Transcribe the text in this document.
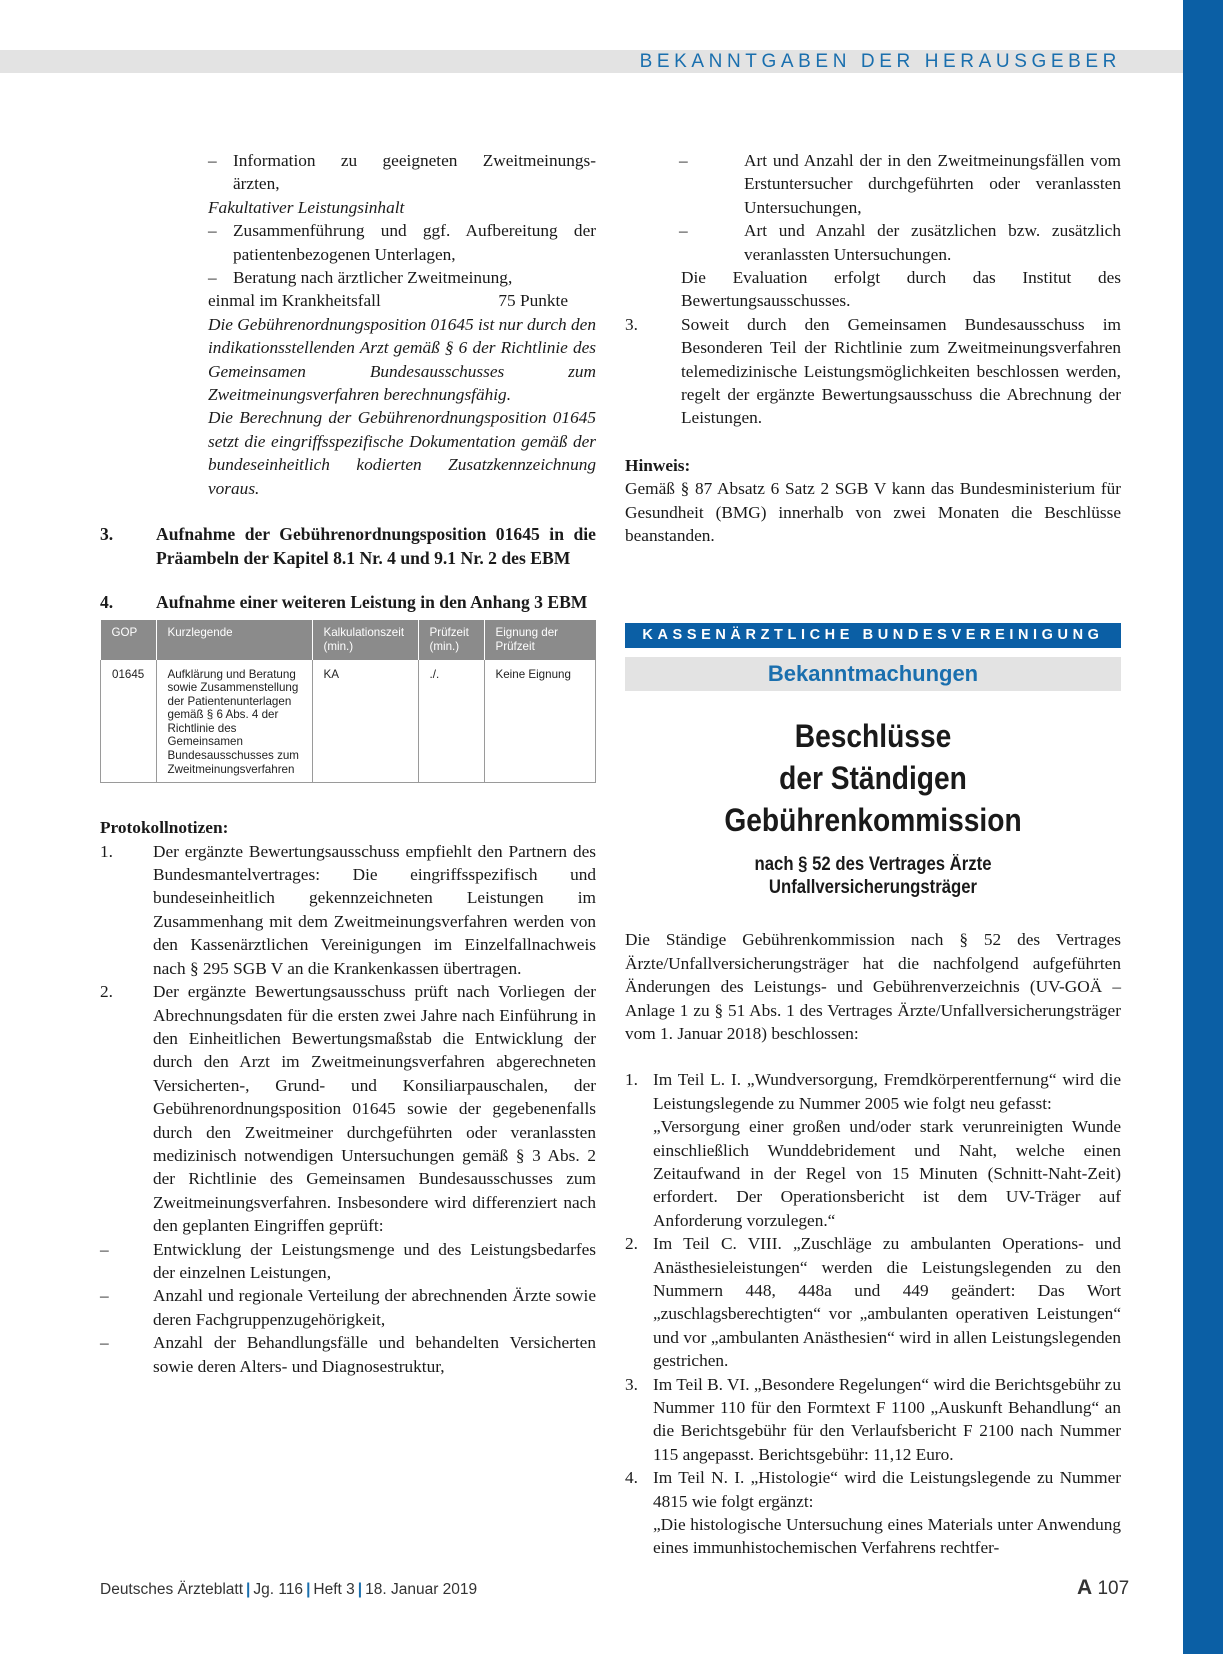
BEKANNTGABEN DER HERAUSGEBER
– Information zu geeigneten Zweitmeinungs-
ärzten,
Fakultativer Leistungsinhalt
– Zusammenführung und ggf. Aufbereitung der
patientenbezogenen Unterlagen,
– Beratung nach ärztlicher Zweitmeinung,
einmal im Krankheitsfall	75 Punkte
Die Gebührenordnungsposition 01645 ist nur durch den indikationsstellenden Arzt gemäß § 6 der Richtlinie des Gemeinsamen Bundesausschusses zum Zweitmeinungsverfahren berechnungsfähig.
Die Berechnung der Gebührenordnungsposition 01645 setzt die eingriffsspezifische Dokumentation gemäß der bundeseinheitlich kodierten Zusatzkennzeichnung voraus.
3.	Aufnahme der Gebührenordnungsposition 01645 in die Präambeln der Kapitel 8.1 Nr. 4 und 9.1 Nr. 2 des EBM
4.	Aufnahme einer weiteren Leistung in den Anhang 3 EBM
GOP	Kurzlegende	Kalkulationszeit (min.)	Prüfzeit (min.)	Eignung der Prüfzeit
01645	Aufklärung und Beratung sowie Zusammenstellung der Patientenunterlagen gemäß § 6 Abs. 4 der Richtlinie des Gemeinsamen Bundesausschusses zum Zweitmeinungsverfahren	KA	./.	Keine Eignung
Protokollnotizen:
1.	Der ergänzte Bewertungsausschuss empfiehlt den Partnern des Bundesmantelvertrages: Die eingriffsspezifisch und bundeseinheitlich gekennzeichneten Leistungen im Zusammenhang mit dem Zweitmeinungsverfahren werden von den Kassenärztlichen Vereinigungen im Einzelfallnachweis nach § 295 SGB V an die Krankenkassen übertragen.
2.	Der ergänzte Bewertungsausschuss prüft nach Vorliegen der Abrechnungsdaten für die ersten zwei Jahre nach Einführung in den Einheitlichen Bewertungsmaßstab die Entwicklung der durch den Arzt im Zweitmeinungsverfahren abgerechneten Versicherten-, Grund- und Konsiliarpauschalen, der Gebührenordnungsposition 01645 sowie der gegebenenfalls durch den Zweitmeiner durchgeführten oder veranlassten medizinisch notwendigen Untersuchungen gemäß § 3 Abs. 2 der Richtlinie des Gemeinsamen Bundesausschusses zum Zweitmeinungsverfahren. Insbesondere wird differenziert nach den geplanten Eingriffen geprüft:
–	Entwicklung der Leistungsmenge und des Leistungsbedarfes der einzelnen Leistungen,
–	Anzahl und regionale Verteilung der abrechnenden Ärzte sowie deren Fachgruppenzugehörigkeit,
–	Anzahl der Behandlungsfälle und behandelten Versicherten sowie deren Alters- und Diagnosestruktur,
–	Art und Anzahl der in den Zweitmeinungsfällen vom Erstuntersucher durchgeführten oder veranlassten Untersuchungen,
–	Art und Anzahl der zusätzlichen bzw. zusätzlich veranlassten Untersuchungen.
Die Evaluation erfolgt durch das Institut des Bewertungsausschusses.
3.	Soweit durch den Gemeinsamen Bundesausschuss im Besonderen Teil der Richtlinie zum Zweitmeinungsverfahren telemedizinische Leistungsmöglichkeiten beschlossen werden, regelt der ergänzte Bewertungsausschuss die Abrechnung der Leistungen.
Hinweis:
Gemäß § 87 Absatz 6 Satz 2 SGB V kann das Bundesministerium für Gesundheit (BMG) innerhalb von zwei Monaten die Beschlüsse beanstanden.
KASSENÄRZTLICHE BUNDESVEREINIGUNG
Bekanntmachungen
Beschlüsse
der Ständigen Gebührenkommission
nach § 52 des Vertrages Ärzte Unfallversicherungsträger
Die Ständige Gebührenkommission nach § 52 des Vertrages Ärzte/Unfallversicherungsträger hat die nachfolgend aufgeführten Änderungen des Leistungs- und Gebührenverzeichnis (UV-GOÄ – Anlage 1 zu § 51 Abs. 1 des Vertrages Ärzte/Unfallversicherungsträger vom 1. Januar 2018) beschlossen:
1. Im Teil L. I. „Wundversorgung, Fremdkörperentfernung“ wird die Leistungslegende zu Nummer 2005 wie folgt neu gefasst:
„Versorgung einer großen und/oder stark verunreinigten Wunde einschließlich Wunddebridement und Naht, welche einen Zeitaufwand in der Regel von 15 Minuten (Schnitt-Naht-Zeit) erfordert. Der Operationsbericht ist dem UV-Träger auf Anforderung vorzulegen.“
2. Im Teil C. VIII. „Zuschläge zu ambulanten Operations- und Anästhesieleistungen“ werden die Leistungslegenden zu den Nummern 448, 448a und 449 geändert: Das Wort „zuschlagsberechtigten“ vor „ambulanten operativen Leistungen“ und vor „ambulanten Anästhesien“ wird in allen Leistungslegenden gestrichen.
3. Im Teil B. VI. „Besondere Regelungen“ wird die Berichtsgebühr zu Nummer 110 für den Formtext F 1100 „Auskunft Behandlung“ an die Berichtsgebühr für den Verlaufsbericht F 2100 nach Nummer 115 angepasst. Berichtsgebühr: 11,12 Euro.
4. Im Teil N. I. „Histologie“ wird die Leistungslegende zu Nummer 4815 wie folgt ergänzt:
„Die histologische Untersuchung eines Materials unter Anwendung eines immunhistochemischen Verfahrens rechtfer-
Deutsches Ärzteblatt | Jg. 116 | Heft 3 | 18. Januar 2019	A 107
